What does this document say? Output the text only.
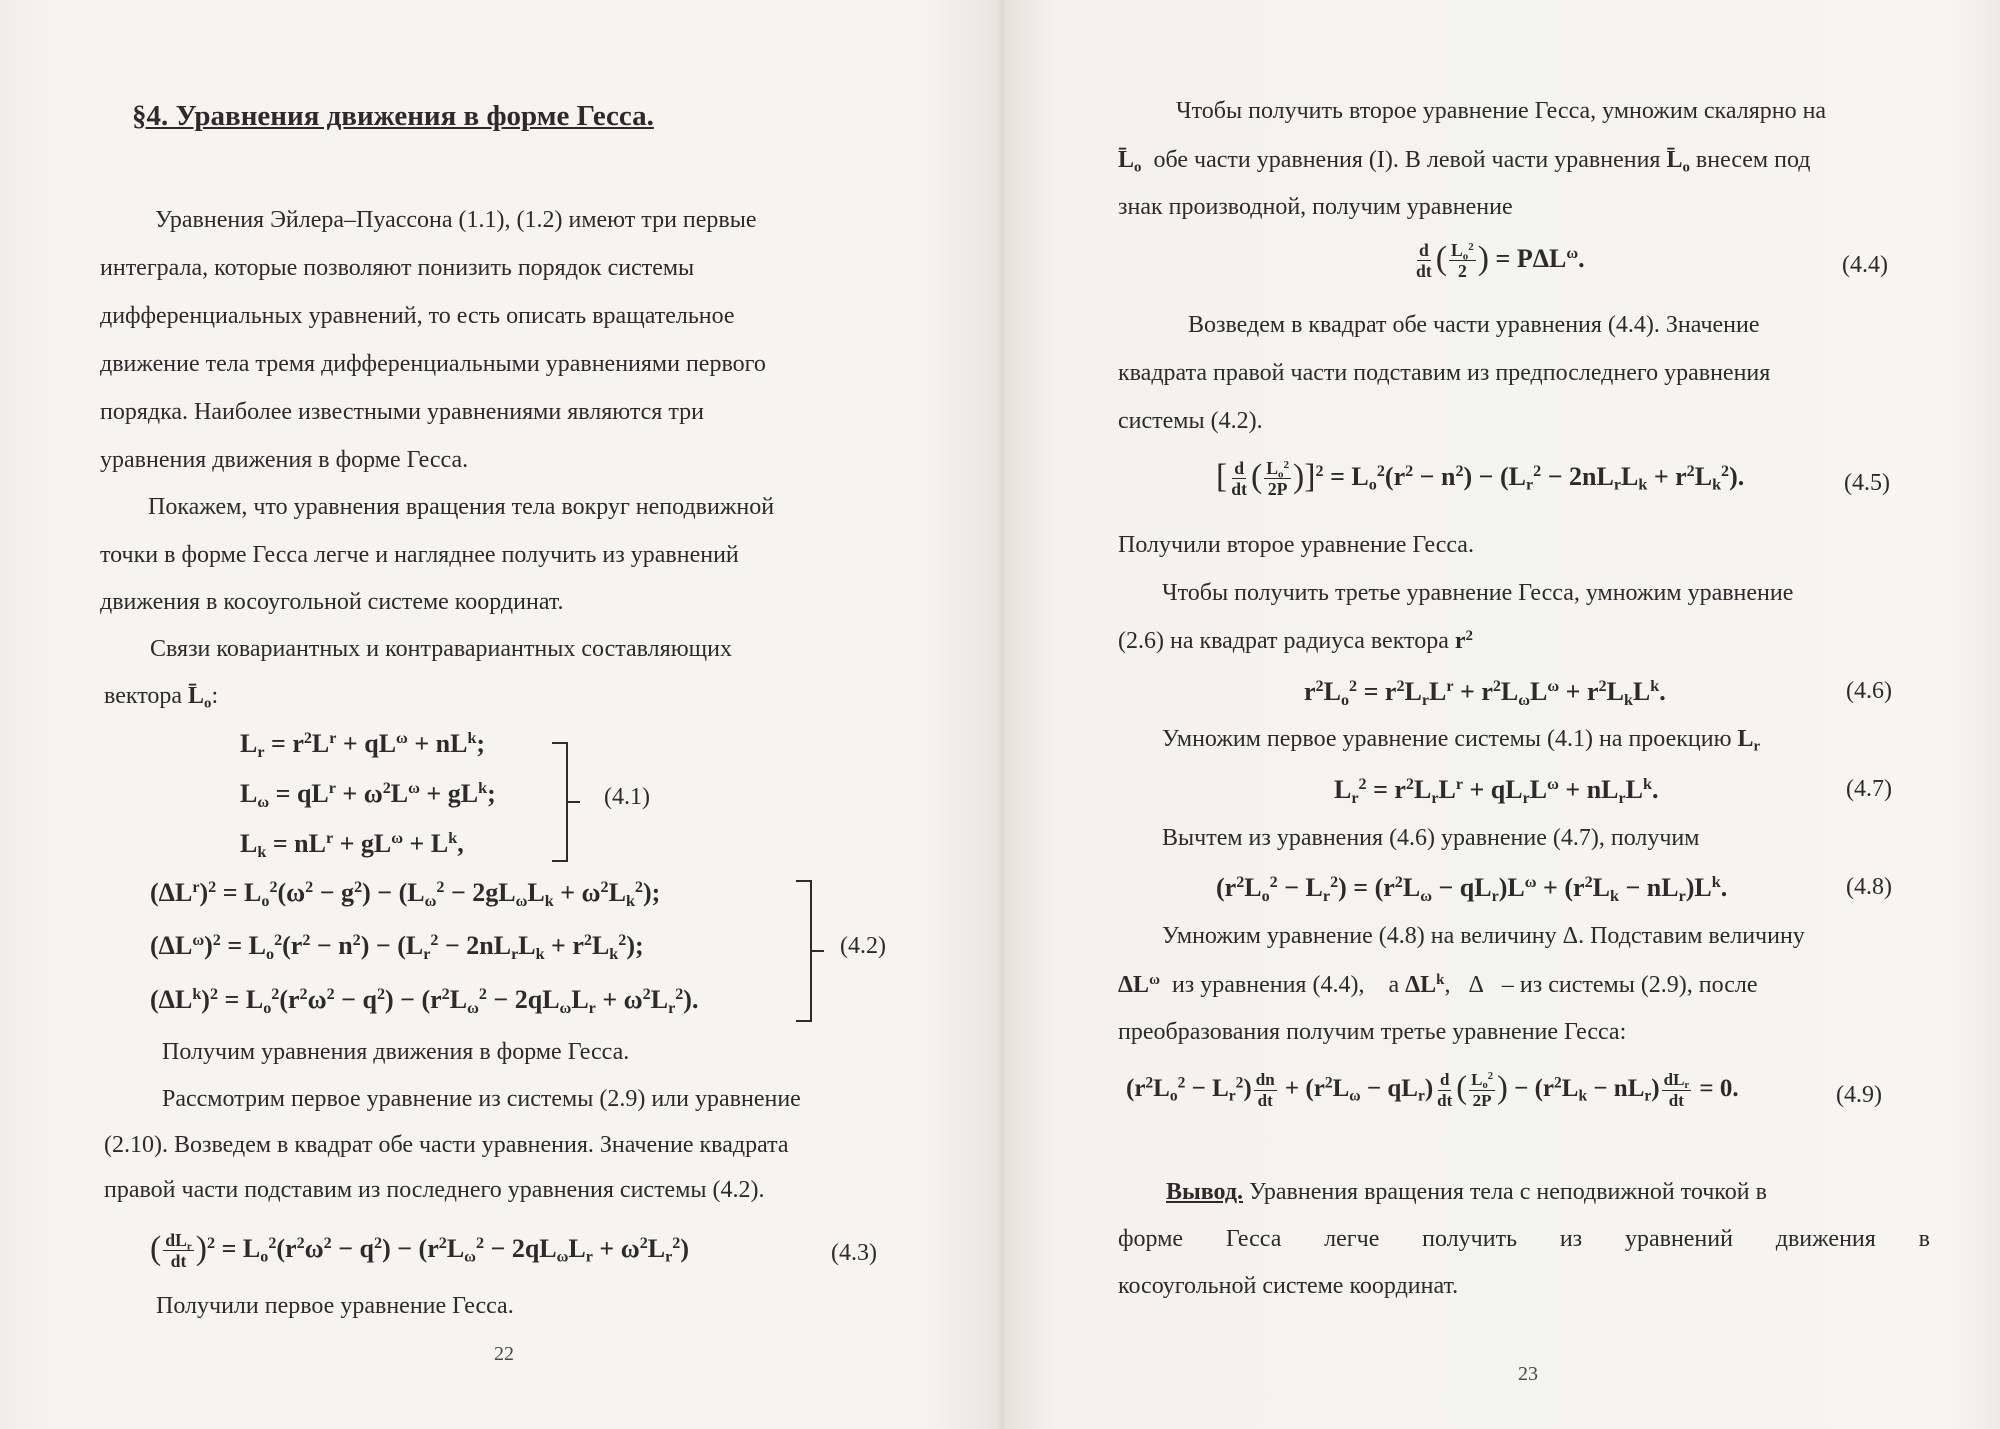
§4. Уравнения движения в форме Гесса.
Уравнения Эйлера–Пуассона (1.1), (1.2) имеют три первые
интеграла, которые позволяют понизить порядок системы
дифференциальных уравнений, то есть описать вращательное
движение тела тремя дифференциальными уравнениями первого
порядка. Наиболее известными уравнениями являются три
уравнения движения в форме Гесса.
Покажем, что уравнения вращения тела вокруг неподвижной
точки в форме Гесса легче и нагляднее получить из уравнений
движения в косоугольной системе координат.
Связи ковариантных и контравариантных составляющих
вектора $L̄_o$:
$L_r = r^2L^r + qL^\omega + nL^k$;
$L_\omega = qL^r + \omega^2L^\omega + gL^k$;
$L_k = nL^r + gL^\omega + L^k$,
(4.1)
$(\Delta L^r)^2 = L_o^2(\omega^2 - g^2) - (L_\omega^2 - 2gL_\omega L_k + \omega^2L_k^2)$;
$(\Delta L^\omega)^2 = L_o^2(r^2 - n^2) - (L_r^2 - 2nL_rL_k + r^2L_k^2)$;
$(\Delta L^k)^2 = L_o^2(r^2\omega^2 - q^2) - (r^2L_\omega^2 - 2qL_\omega L_r + \omega^2L_r^2)$.
(4.2)
Получим уравнения движения в форме Гесса.
Рассмотрим первое уравнение из системы (2.9) или уравнение
(2.10). Возведем в квадрат обе части уравнения. Значение квадрата
правой части подставим из последнего уравнения системы (4.2).
( $\frac{dL_r}{dt} )^2 = L_o^2(r^2\omega^2 - q^2) - (r^2L_\omega^2 - 2qL_\omega L_r + \omega^2L_r^2)$	(4.3)
Получили первое уравнение Гесса.
22
Чтобы получить второе уравнение Гесса, умножим скалярно на
$L̄_o$ обе части уравнения (I). В левой части уравнения $L̄_o$ внесем под
знак производной, получим уравнение
$\frac{d}{dt}$ ( $\frac{L_o^2}{2}$ ) = $P\Delta L^\omega$.	(4.4)
Возведем в квадрат обе части уравнения (4.4). Значение
квадрата правой части подставим из предпоследнего уравнения
системы (4.2).
[ $\frac{d}{dt}$ ( $\frac{L_o^2}{2P} )]^2 = L_o^2(r^2 - n^2) - (L_r^2 - 2nL_rL_k + r^2L_k^2)$.	(4.5)
Получили второе уравнение Гесса.
Чтобы получить третье уравнение Гесса, умножим уравнение
(2.6) на квадрат радиуса вектора $r^2$
$r^2L_o^2 = r^2L_rL^r + r^2L_\omega L^\omega + r^2L_kL^k$.	(4.6)
Умножим первое уравнение системы (4.1) на проекцию $L_r$
$L_r^2 = r^2L_rL^r + qL_rL^\omega + nL_rL^k$.	(4.7)
Вычтем из уравнения (4.6) уравнение (4.7), получим
$(r^2L_o^2 - L_r^2) = (r^2L_\omega - qL_r)L^\omega + (r^2L_k - nL_r)L^k$.	(4.8)
Умножим уравнение (4.8) на величину Δ. Подставим величину
$\Delta L^\omega$ из уравнения (4.4), а $\Delta L^k$,   Δ – из системы (2.9), после
преобразования получим третье уравнение Гесса:
$(r^2L_o^2 - L_r^2) \frac{dn}{dt} + (r^2L_\omega - qL_r) \frac{d}{dt}$ ( $\frac{L_o^2}{2P}$ ) − $(r^2L_k - nL_r) \frac{dL_r}{dt} = 0$.	(4.9)
Вывод. Уравнения вращения тела с неподвижной точкой в
форме Гесса легче получить из уравнений движения в
косоугольной системе координат.
23
